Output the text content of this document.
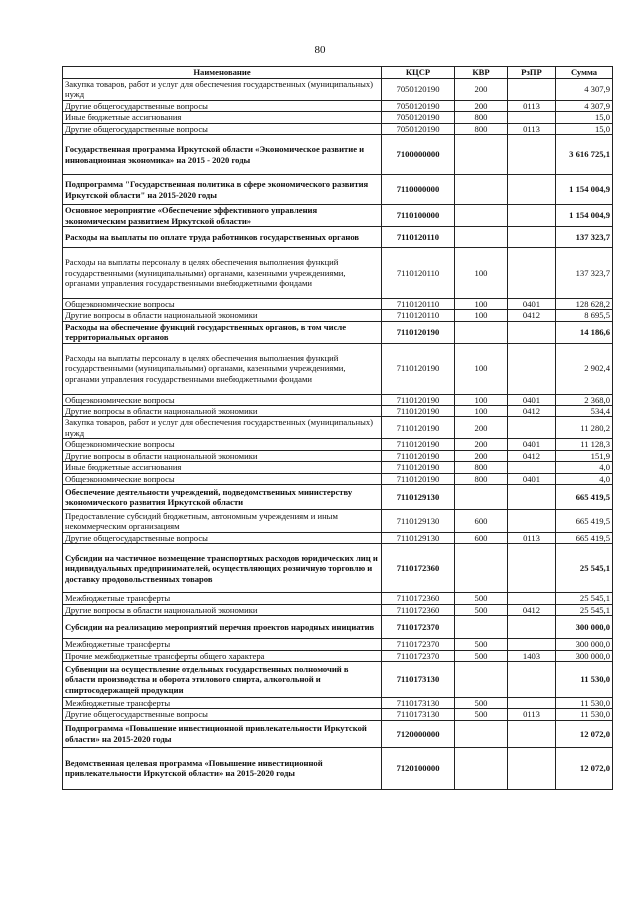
80
Наименование	КЦСР	КВР	РзПР	Сумма
Закупка товаров, работ и услуг для обеспечения государственных (муниципальных) нужд	7050120190	200		4 307,9
Другие общегосударственные вопросы	7050120190	200	0113	4 307,9
Иные бюджетные ассигнования	7050120190	800		15,0
Другие общегосударственные вопросы	7050120190	800	0113	15,0
Государственная программа Иркутской области «Экономическое развитие и инновационная экономика» на 2015 - 2020 годы	7100000000			3 616 725,1
Подпрограмма "Государственная политика в сфере экономического развития Иркутской области" на 2015-2020 годы	7110000000			1 154 004,9
Основное мероприятие «Обеспечение эффективного управления экономическим развитием Иркутской области»	7110100000			1 154 004,9
Расходы на выплаты по оплате труда работников государственных органов	7110120110			137 323,7
Расходы на выплаты персоналу в целях обеспечения выполнения функций государственными (муниципальными) органами, казенными учреждениями, органами управления государственными внебюджетными фондами	7110120110	100		137 323,7
Общеэкономические вопросы	7110120110	100	0401	128 628,2
Другие вопросы в области национальной экономики	7110120110	100	0412	8 695,5
Расходы на обеспечение функций государственных органов, в том числе территориальных органов	7110120190			14 186,6
Расходы на выплаты персоналу в целях обеспечения выполнения функций государственными (муниципальными) органами, казенными учреждениями, органами управления государственными внебюджетными фондами	7110120190	100		2 902,4
Общеэкономические вопросы	7110120190	100	0401	2 368,0
Другие вопросы в области национальной экономики	7110120190	100	0412	534,4
Закупка товаров, работ и услуг для обеспечения государственных (муниципальных) нужд	7110120190	200		11 280,2
Общеэкономические вопросы	7110120190	200	0401	11 128,3
Другие вопросы в области национальной экономики	7110120190	200	0412	151,9
Иные бюджетные ассигнования	7110120190	800		4,0
Общеэкономические вопросы	7110120190	800	0401	4,0
Обеспечение деятельности учреждений, подведомственных министерству экономического развития Иркутской области	7110129130			665 419,5
Предоставление субсидий бюджетным, автономным учреждениям и иным некоммерческим организациям	7110129130	600		665 419,5
Другие общегосударственные вопросы	7110129130	600	0113	665 419,5
Субсидии на частичное возмещение транспортных расходов юридических лиц и индивидуальных предпринимателей, осуществляющих розничную торговлю и доставку продовольственных товаров	7110172360			25 545,1
Межбюджетные трансферты	7110172360	500		25 545,1
Другие вопросы в области национальной экономики	7110172360	500	0412	25 545,1
Субсидии на реализацию мероприятий перечня проектов народных инициатив	7110172370			300 000,0
Межбюджетные трансферты	7110172370	500		300 000,0
Прочие межбюджетные трансферты общего характера	7110172370	500	1403	300 000,0
Субвенции на осуществление отдельных государственных полномочий в области производства и оборота этилового спирта, алкогольной и спиртосодержащей продукции	7110173130			11 530,0
Межбюджетные трансферты	7110173130	500		11 530,0
Другие общегосударственные вопросы	7110173130	500	0113	11 530,0
Подпрограмма «Повышение инвестиционной привлекательности Иркутской области» на 2015-2020 годы	7120000000			12 072,0
Ведомственная целевая программа «Повышение инвестиционной привлекательности Иркутской области» на 2015-2020 годы	7120100000			12 072,0
